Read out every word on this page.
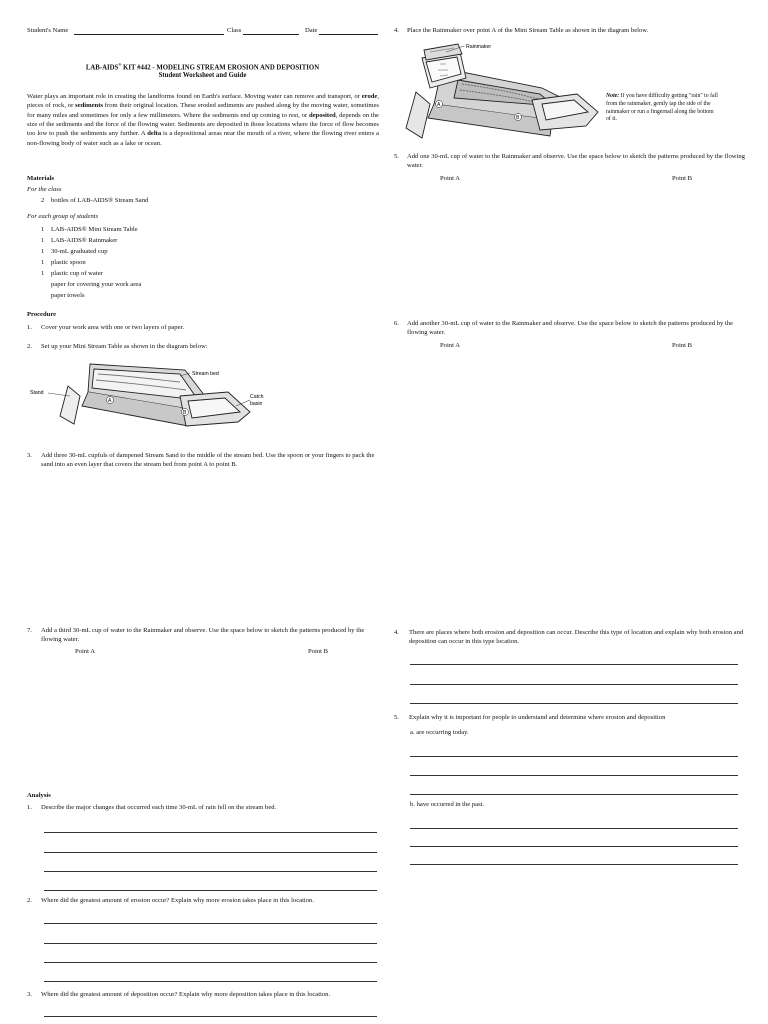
Student's Name	Class	Date
LAB-AIDS® KIT #442 - MODELING STREAM EROSION AND DEPOSITION
Student Worksheet and Guide
Water plays an important role in creating the landforms found on Earth's surface. Moving water can remove and transport, or erode, pieces of rock, or sediments from their original location. These eroded sediments are pushed along by the moving water, sometimes for many miles and sometimes for only a few millimeters. Where the sediments end up coming to rest, or deposited, depends on the size of the sediments and the force of the flowing water. Sediments are deposited in those locations where the force of flow becomes too low to push the sediments any further. A delta is a depositional areas near the mouth of a river, where the flowing river enters a non-flowing body of water such as a lake or ocean.
Materials
For the class
2	bottles of LAB-AIDS® Stream Sand
For each group of students
1	LAB-AIDS® Mini Stream Table
1	LAB-AIDS® Rainmaker
1	30-mL graduated cup
1	plastic spoon
1	plastic cup of water
paper for covering your work area
paper towels
Procedure
1. Cover your work area with one or two layers of paper.
2. Set up your Mini Stream Table as shown in the diagram below:
Stand
Stream bed
Catch
basin
A
B
3. Add three 30-mL cupfuls of dampened Stream Sand to the middle of the stream bed. Use the spoon or your fingers to pack the sand into an even layer that covers the stream bed from point A to point B.
7. Add a third 30-mL cup of water to the Rainmaker and observe. Use the space below to sketch the patterns produced by the flowing water.
Point A	Point B
Analysis
1. Describe the major changes that occurred each time 30-mL of rain fell on the stream bed.
2. Where did the greatest amount of erosion occur? Explain why more erosion takes place in this location.
3. Where did the greatest amount of deposition occur? Explain why more deposition takes place in this location.
4. Place the Rainmaker over point A of the Mini Stream Table as shown in the diagram below.
Rainmaker
A
B
Note: If you have difficulty getting "rain" to fall from the rainmaker, gently tap the side of the rainmaker or run a fingernail along the bottom of it.
5. Add one 30-mL cup of water to the Rainmaker and observe. Use the space below to sketch the patterns produced by the flowing water.
Point A	Point B
6. Add another 30-mL cup of water to the Rainmaker and observe. Use the space below to sketch the patterns produced by the flowing water.
Point A	Point B
4. There are places where both erosion and deposition can occur. Describe this type of location and explain why both erosion and deposition can occur in this type location.
5. Explain why it is important for people to understand and determine where erosion and deposition
a. are occurring today.
b. have occurred in the past.
